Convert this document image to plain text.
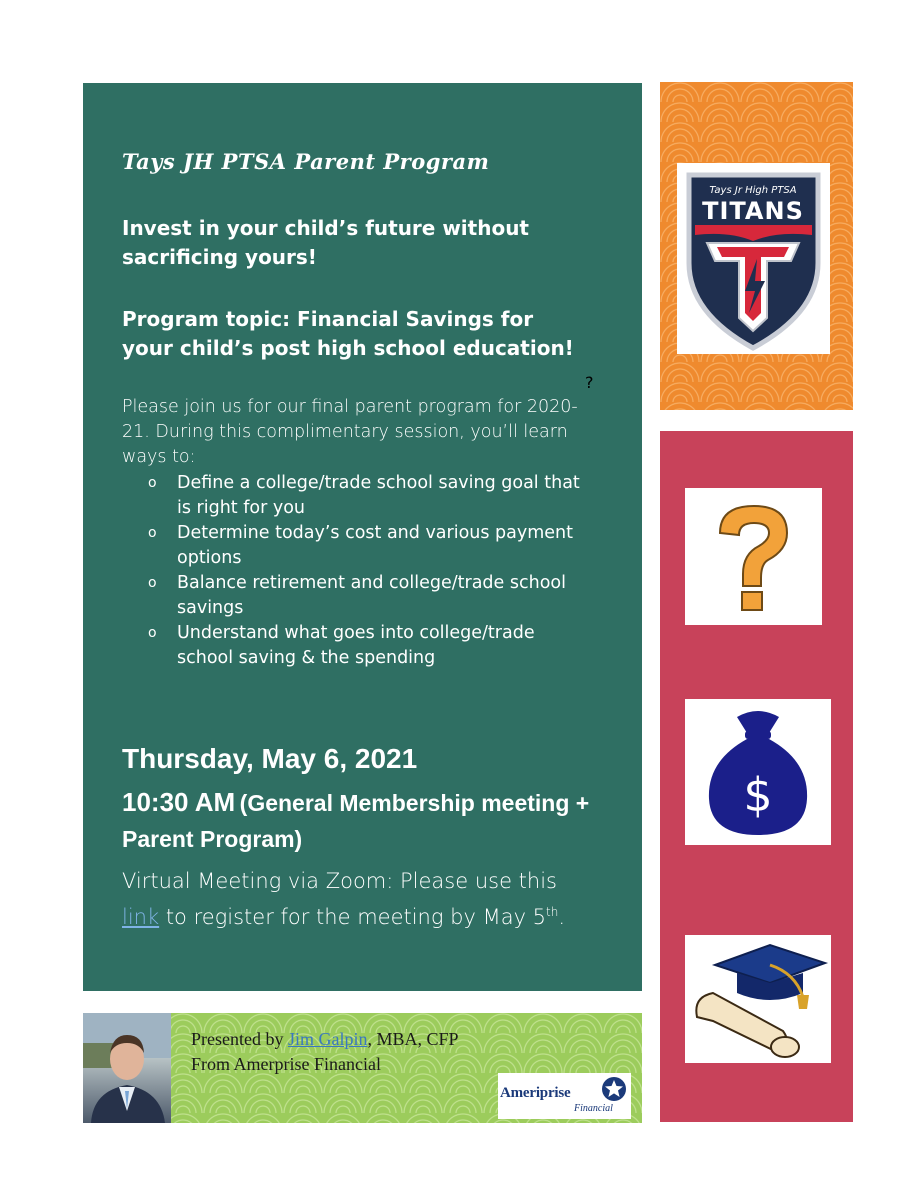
Tays JH PTSA Parent Program
Invest in your child’s future without sacrificing yours!
Program topic: Financial Savings for your child’s post high school education!
Please join us for our final parent program for 2020-21. During this complimentary session, you’ll learn ways to:
o Define a college/trade school saving goal that is right for you
o Determine today’s cost and various payment options
o Balance retirement and college/trade school savings
o Understand what goes into college/trade school saving & the spending
Thursday, May 6, 2021
10:30 AM (General Membership meeting + Parent Program)
Virtual Meeting via Zoom: Please use this link to register for the meeting by May 5th.
Tays Jr High PTSA
TITANS
?
$
Presented by Jim Galpin, MBA, CFP
From Amerprise Financial
Ameriprise
Financial
